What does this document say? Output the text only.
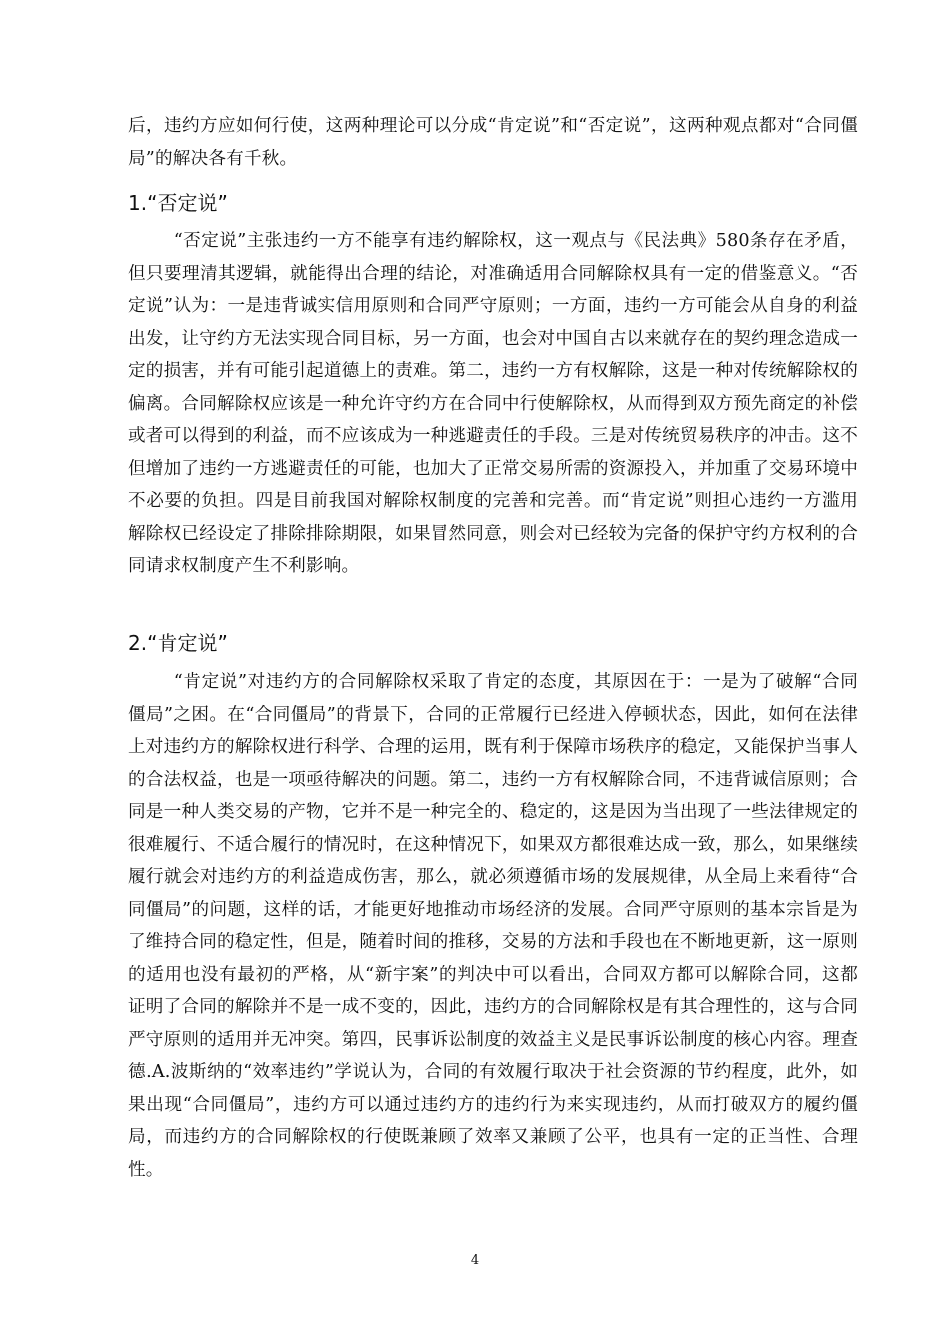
后，违约方应如何行使，这两种理论可以分成“肯定说”和“否定说”，这两种观点都对“合同僵局”的解决各有千秋。

1.“否定说”

“否定说”主张违约一方不能享有违约解除权，这一观点与《民法典》580条存在矛盾，但只要理清其逻辑，就能得出合理的结论，对准确适用合同解除权具有一定的借鉴意义。“否定说”认为：一是违背诚实信用原则和合同严守原则；一方面，违约一方可能会从自身的利益出发，让守约方无法实现合同目标，另一方面，也会对中国自古以来就存在的契约理念造成一定的损害，并有可能引起道德上的责难。第二，违约一方有权解除，这是一种对传统解除权的偏离。合同解除权应该是一种允许守约方在合同中行使解除权，从而得到双方预先商定的补偿或者可以得到的利益，而不应该成为一种逃避责任的手段。三是对传统贸易秩序的冲击。这不但增加了违约一方逃避责任的可能，也加大了正常交易所需的资源投入，并加重了交易环境中不必要的负担。四是目前我国对解除权制度的完善和完善。而“肯定说”则担心违约一方滥用解除权已经设定了排除排除期限，如果冒然同意，则会对已经较为完备的保护守约方权利的合同请求权制度产生不利影响。

2.“肯定说”

“肯定说”对违约方的合同解除权采取了肯定的态度，其原因在于：一是为了破解“合同僵局”之困。在“合同僵局”的背景下，合同的正常履行已经进入停顿状态，因此，如何在法律上对违约方的解除权进行科学、合理的运用，既有利于保障市场秩序的稳定，又能保护当事人的合法权益，也是一项亟待解决的问题。第二，违约一方有权解除合同，不违背诚信原则；合同是一种人类交易的产物，它并不是一种完全的、稳定的，这是因为当出现了一些法律规定的很难履行、不适合履行的情况时，在这种情况下，如果双方都很难达成一致，那么，如果继续履行就会对违约方的利益造成伤害，那么，就必须遵循市场的发展规律，从全局上来看待“合同僵局”的问题，这样的话，才能更好地推动市场经济的发展。合同严守原则的基本宗旨是为了维持合同的稳定性，但是，随着时间的推移，交易的方法和手段也在不断地更新，这一原则的适用也没有最初的严格，从“新宇案”的判决中可以看出，合同双方都可以解除合同，这都证明了合同的解除并不是一成不变的，因此，违约方的合同解除权是有其合理性的，这与合同严守原则的适用并无冲突。第四，民事诉讼制度的效益主义是民事诉讼制度的核心内容。理查德.A.波斯纳的“效率违约”学说认为，合同的有效履行取决于社会资源的节约程度，此外，如果出现“合同僵局”，违约方可以通过违约方的违约行为来实现违约，从而打破双方的履约僵局，而违约方的合同解除权的行使既兼顾了效率又兼顾了公平，也具有一定的正当性、合理性。

4
